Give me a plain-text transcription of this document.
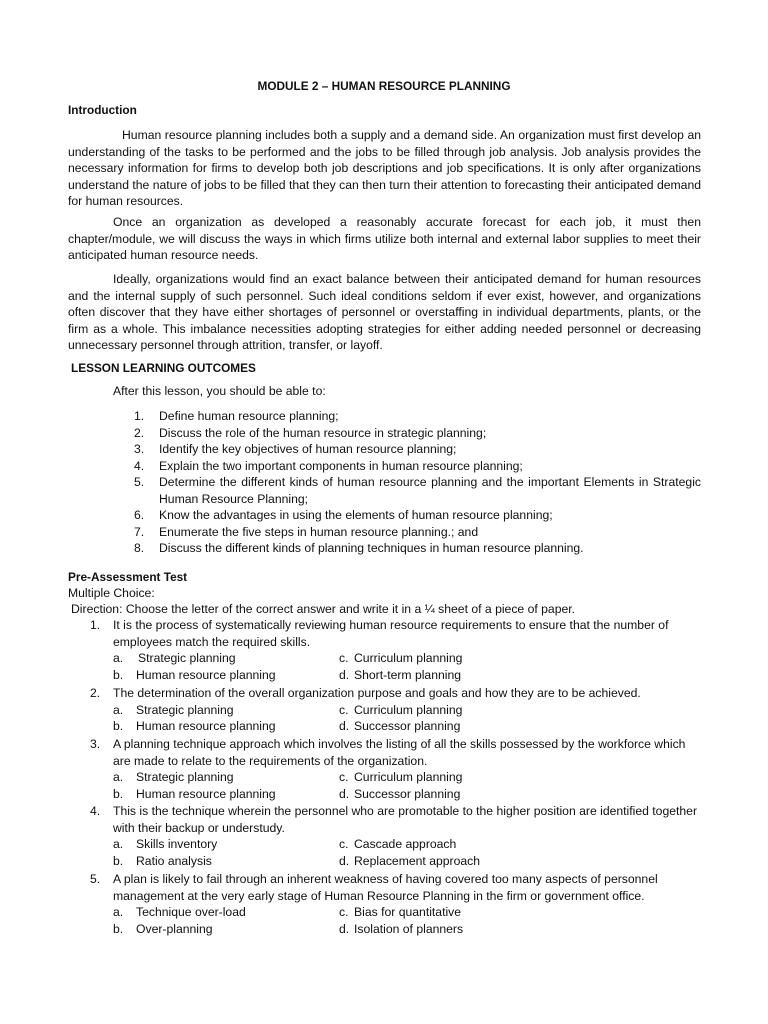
MODULE 2 – HUMAN RESOURCE PLANNING
Introduction
Human resource planning includes both a supply and a demand side. An organization must first develop an understanding of the tasks to be performed and the jobs to be filled through job analysis. Job analysis provides the necessary information for firms to develop both job descriptions and job specifications. It is only after organizations understand the nature of jobs to be filled that they can then turn their attention to forecasting their anticipated demand for human resources.
Once an organization as developed a reasonably accurate forecast for each job, it must then chapter/module, we will discuss the ways in which firms utilize both internal and external labor supplies to meet their anticipated human resource needs.
Ideally, organizations would find an exact balance between their anticipated demand for human resources and the internal supply of such personnel. Such ideal conditions seldom if ever exist, however, and organizations often discover that they have either shortages of personnel or overstaffing in individual departments, plants, or the firm as a whole. This imbalance necessities adopting strategies for either adding needed personnel or decreasing unnecessary personnel through attrition, transfer, or layoff.
LESSON LEARNING OUTCOMES
After this lesson, you should be able to:
1. Define human resource planning;
2. Discuss the role of the human resource in strategic planning;
3. Identify the key objectives of human resource planning;
4. Explain the two important components in human resource planning;
5. Determine the different kinds of human resource planning and the important Elements in Strategic Human Resource Planning;
6. Know the advantages in using the elements of human resource planning;
7. Enumerate the five steps in human resource planning.; and
8. Discuss the different kinds of planning techniques in human resource planning.
Pre-Assessment Test
Multiple Choice:
Direction: Choose the letter of the correct answer and write it in a ¼ sheet of a piece of paper.
1.	It is the process of systematically reviewing human resource requirements to ensure that the number of employees match the required skills.
a. Strategic planning	c. Curriculum planning
b. Human resource planning	d. Short-term planning
2.	The determination of the overall organization purpose and goals and how they are to be achieved.
a. Strategic planning	c. Curriculum planning
b. Human resource planning	d. Successor planning
3.	A planning technique approach which involves the listing of all the skills possessed by the workforce which are made to relate to the requirements of the organization.
a. Strategic planning	c. Curriculum planning
b. Human resource planning	d. Successor planning
4.	This is the technique wherein the personnel who are promotable to the higher position are identified together with their backup or understudy.
a. Skills inventory	c. Cascade approach
b. Ratio analysis	d. Replacement approach
5.	A plan is likely to fail through an inherent weakness of having covered too many aspects of personnel management at the very early stage of Human Resource Planning in the firm or government office.
a. Technique over-load	c. Bias for quantitative
b. Over-planning	d. Isolation of planners
